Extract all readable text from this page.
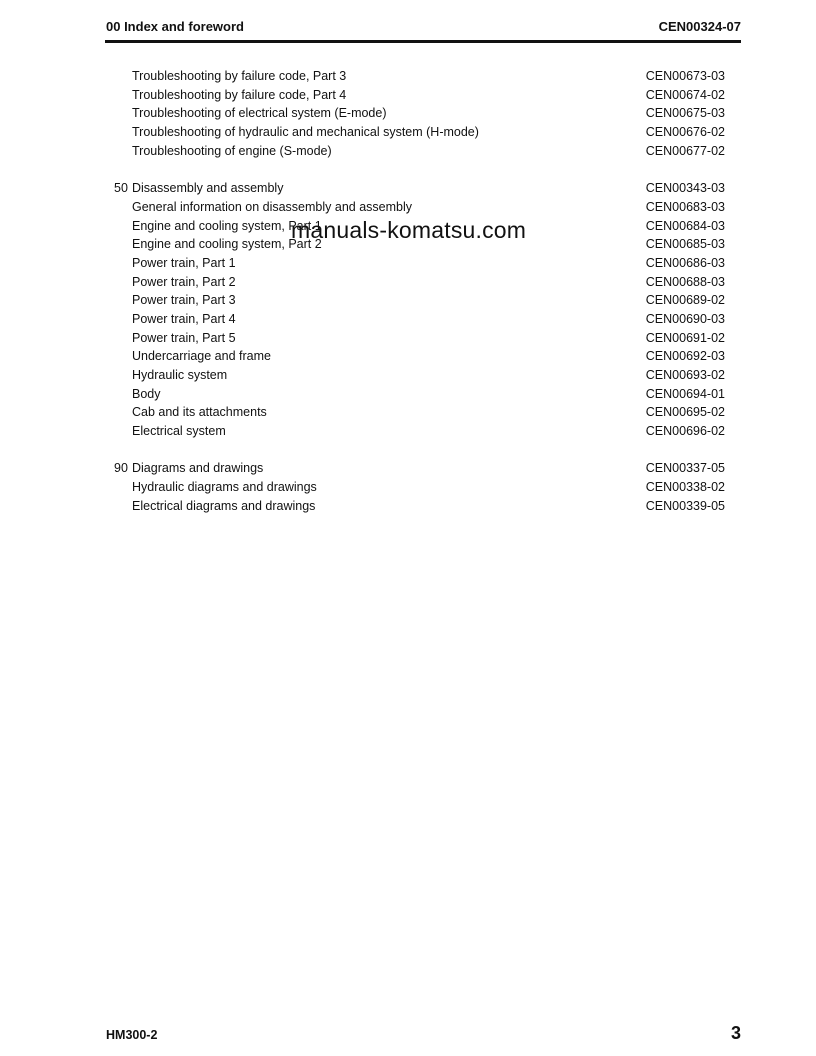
00 Index and foreword	CEN00324-07
Troubleshooting by failure code, Part 3	CEN00673-03
Troubleshooting by failure code, Part 4	CEN00674-02
Troubleshooting of electrical system (E-mode)	CEN00675-03
Troubleshooting of hydraulic and mechanical system (H-mode)	CEN00676-02
Troubleshooting of engine (S-mode)	CEN00677-02
50 Disassembly and assembly	CEN00343-03
General information on disassembly and assembly	CEN00683-03
Engine and cooling system, Part 1	CEN00684-03
Engine and cooling system, Part 2	CEN00685-03
Power train, Part 1	CEN00686-03
Power train, Part 2	CEN00688-03
Power train, Part 3	CEN00689-02
Power train, Part 4	CEN00690-03
Power train, Part 5	CEN00691-02
Undercarriage and frame	CEN00692-03
Hydraulic system	CEN00693-02
Body	CEN00694-01
Cab and its attachments	CEN00695-02
Electrical system	CEN00696-02
90 Diagrams and drawings	CEN00337-05
Hydraulic diagrams and drawings	CEN00338-02
Electrical diagrams and drawings	CEN00339-05
manuals-komatsu.com
HM300-2	3
